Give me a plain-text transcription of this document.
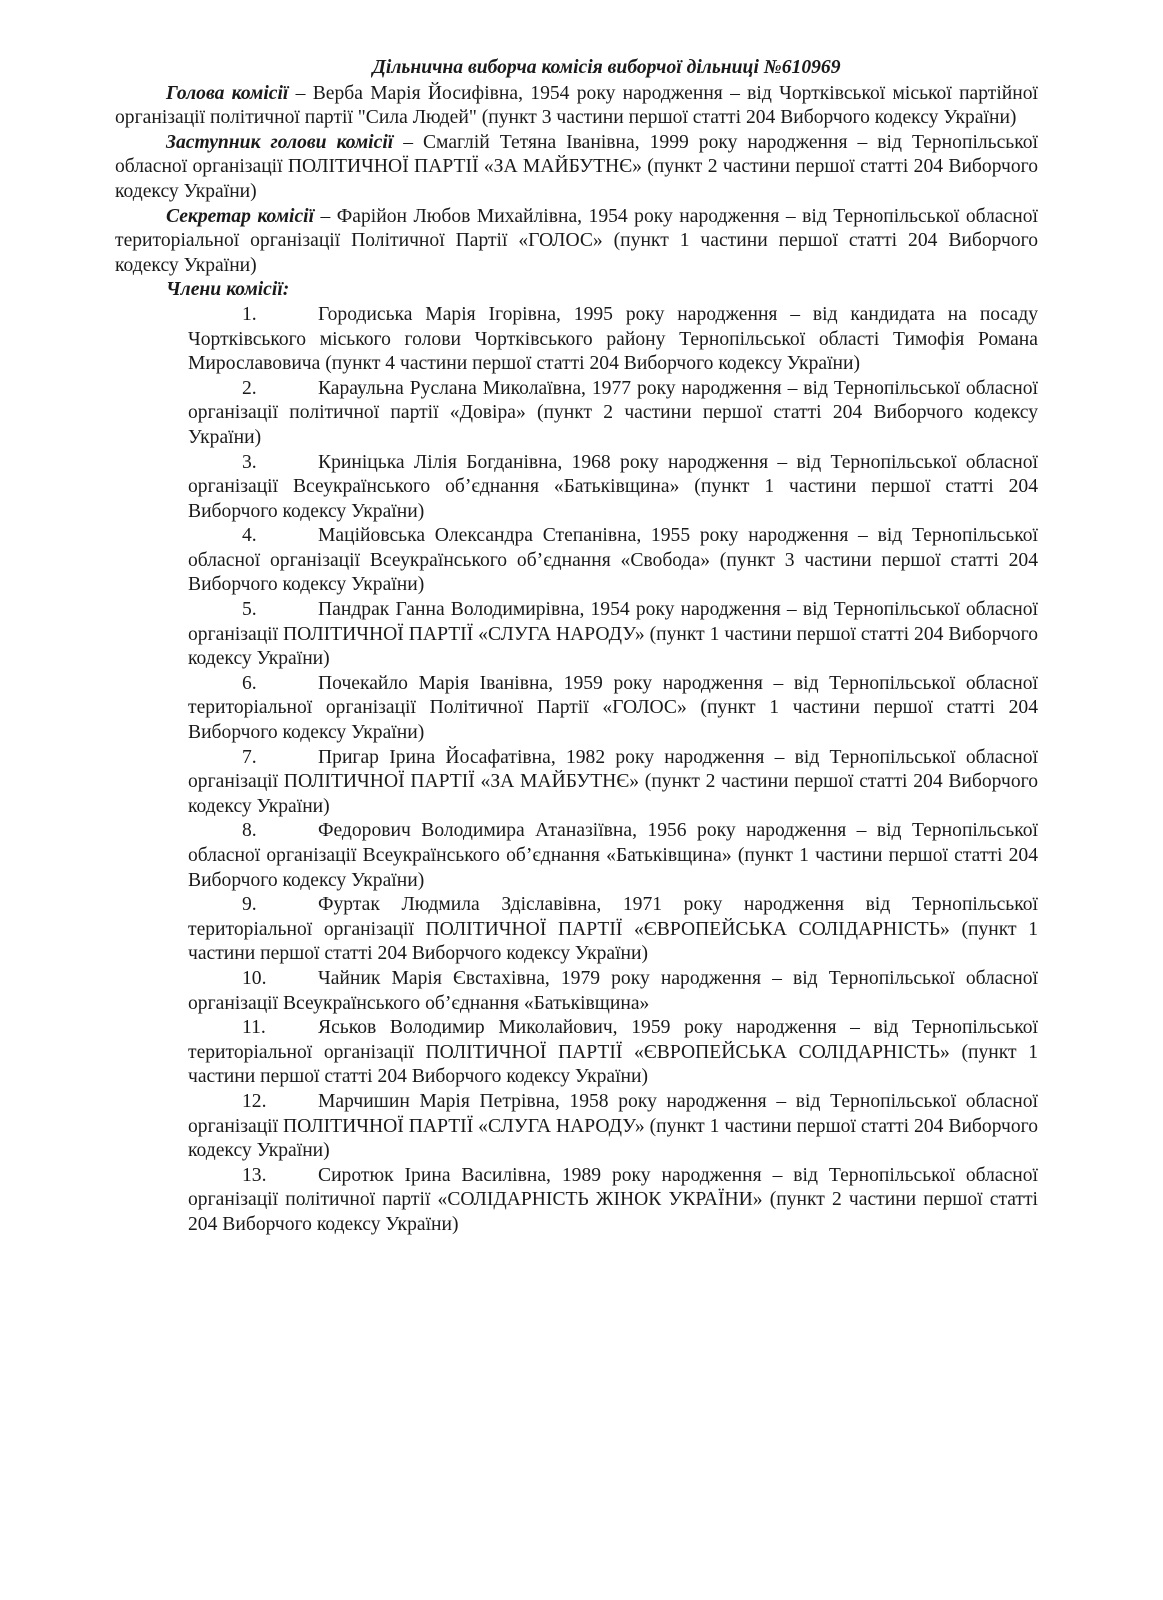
Дільнична виборча комісія виборчої дільниці №610969

Голова комісії – Верба Марія Йосифівна, 1954 року народження – від Чортківської міської партійної організації політичної партії "Сила Людей" (пункт 3 частини першої статті 204 Виборчого кодексу України)

Заступник голови комісії – Смаглій Тетяна Іванівна, 1999 року народження – від Тернопільської обласної організації ПОЛІТИЧНОЇ ПАРТІЇ «ЗА МАЙБУТНЄ» (пункт 2 частини першої статті 204 Виборчого кодексу України)

Секретар комісії – Фарійон Любов Михайлівна, 1954 року народження – від Тернопільської обласної територіальної організації Політичної Партії «ГОЛОС» (пункт 1 частини першої статті 204 Виборчого кодексу України)

Члени комісії:
1.	Городиська Марія Ігорівна, 1995 року народження – від кандидата на посаду Чортківського міського голови Чортківського району Тернопільської області Тимофія Романа Мирославовича (пункт 4 частини першої статті 204 Виборчого кодексу України)
2.	Караульна Руслана Миколаївна, 1977 року народження – від Тернопільської обласної організації політичної партії «Довіра» (пункт 2 частини першої статті 204 Виборчого кодексу України)
3.	Криніцька Лілія Богданівна, 1968 року народження – від Тернопільської обласної організації Всеукраїнського об’єднання «Батьківщина» (пункт 1 частини першої статті 204 Виборчого кодексу України)
4.	Маційовська Олександра Степанівна, 1955 року народження – від Тернопільської обласної організації Всеукраїнського об’єднання «Свобода» (пункт 3 частини першої статті 204 Виборчого кодексу України)
5.	Пандрак Ганна Володимирівна, 1954 року народження – від Тернопільської обласної організації ПОЛІТИЧНОЇ ПАРТІЇ «СЛУГА НАРОДУ» (пункт 1 частини першої статті 204 Виборчого кодексу України)
6.	Почекайло Марія Іванівна, 1959 року народження – від Тернопільської обласної територіальної організації Політичної Партії «ГОЛОС» (пункт 1 частини першої статті 204 Виборчого кодексу України)
7.	Пригар Ірина Йосафатівна, 1982 року народження – від Тернопільської обласної організації ПОЛІТИЧНОЇ ПАРТІЇ «ЗА МАЙБУТНЄ» (пункт 2 частини першої статті 204 Виборчого кодексу України)
8.	Федорович Володимира Атаназіївна, 1956 року народження – від Тернопільської обласної організації Всеукраїнського об’єднання «Батьківщина» (пункт 1 частини першої статті 204 Виборчого кодексу України)
9.	Фуртак Людмила Здіславівна, 1971 року народження від Тернопільської територіальної організації ПОЛІТИЧНОЇ ПАРТІЇ «ЄВРОПЕЙСЬКА СОЛІДАРНІСТЬ» (пункт 1 частини першої статті 204 Виборчого кодексу України)
10.	Чайник Марія Євстахівна, 1979 року народження – від Тернопільської обласної організації Всеукраїнського об’єднання «Батьківщина»
11.	Яськов Володимир Миколайович, 1959 року народження – від Тернопільської територіальної організації ПОЛІТИЧНОЇ ПАРТІЇ «ЄВРОПЕЙСЬКА СОЛІДАРНІСТЬ» (пункт 1 частини першої статті 204 Виборчого кодексу України)
12.	Марчишин Марія Петрівна, 1958 року народження – від Тернопільської обласної організації ПОЛІТИЧНОЇ ПАРТІЇ «СЛУГА НАРОДУ» (пункт 1 частини першої статті 204 Виборчого кодексу України)
13.	Сиротюк Ірина Василівна, 1989 року народження – від Тернопільської обласної організації політичної партії «СОЛІДАРНІСТЬ ЖІНОК УКРАЇНИ» (пункт 2 частини першої статті 204 Виборчого кодексу України)
